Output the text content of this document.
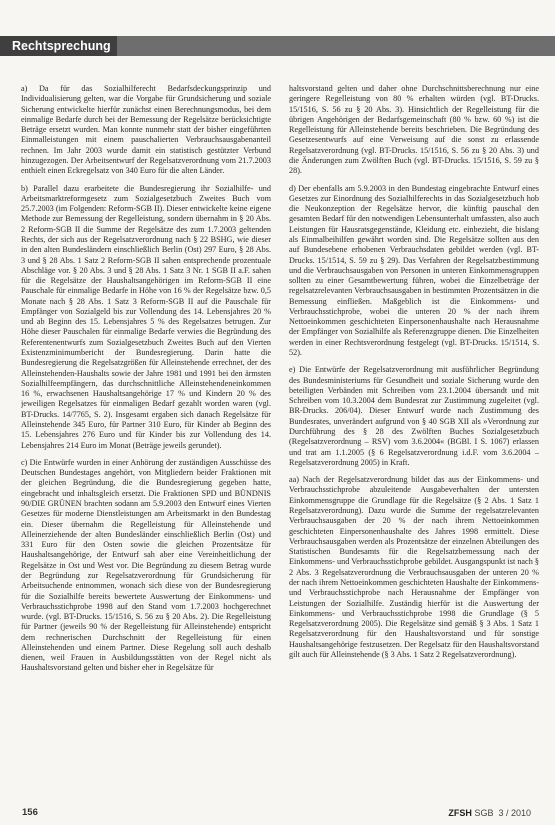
Rechtsprechung

a) Da für das Sozialhilferecht Bedarfsdeckungsprinzip und Individualisierung gelten, war die Vorgabe für Grundsicherung und soziale Sicherung entwickelte hierfür zunächst einen Berechnungsmodus, bei dem einmalige Bedarfe durch bei der Bemessung der Regelsätze berücksichtigte Beträge ersetzt wurden. Man konnte nunmehr statt der bisher eingeführten Einmalleistungen mit einem pauschalierten Verbrauchsausgabenanteil rechnen. Im Jahr 2003 wurde damit ein statistisch gestützter Verbund hinzugezogen. Der Arbeitsentwurf der Regelsatzverordnung vom 21.7.2003 enthielt einen Eckregelsatz von 340 Euro für die alten Länder.

b) Parallel dazu erarbeitete die Bundesregierung ihr Sozialhilfe- und Arbeitsmarktreformgesetz zum Sozialgesetzbuch Zweites Buch vom 25.7.2003 (im Folgenden: Reform-SGB II). Dieser entwickelte keine eigene Methode zur Bemessung der Regelleistung, sondern übernahm in § 20 Abs. 2 Reform-SGB II die Summe der Regelsätze des zum 1.7.2003 geltenden Rechts, der sich aus der Regelsatzverordnung nach § 22 BSHG, wie dieser in den alten Bundesländern einschließlich Berlin (Ost) 297 Euro, § 28 Abs. 3 und § 28 Abs. 1 Satz 2 Reform-SGB II sahen entsprechende prozentuale Abschläge vor. § 20 Abs. 3 und § 28 Abs. 1 Satz 3 Nr. 1 SGB II a.F. sahen für die Regelsätze der Haushaltsangehörigen im Reform-SGB II eine Pauschale für einmalige Bedarfe in Höhe von 16 % der Regelsätze bzw. 0,5 Monate nach § 28 Abs. 1 Satz 3 Reform-SGB II auf die Pauschale für Empfänger von Sozialgeld bis zur Vollendung des 14. Lebensjahres 20 % und ab Beginn des 15. Lebensjahres 5 % des Regelsatzes betrugen. Zur Höhe dieser Pauschalen für einmalige Bedarfe verwies die Begründung des Referentenentwurfs zum Sozialgesetzbuch Zweites Buch auf den Vierten Existenzminimumbericht der Bundesregierung. Darin hatte die Bundesregierung die Regelsatzgrößen für Alleinstehende errechnet, der des Alleinstehenden-Haushalts sowie der Jahre 1981 und 1991 bei den ärmsten Sozialhilfeempfängern, das durchschnittliche Alleinstehendeneinkommen 16 %, erwachsenen Haushaltsangehörige 17 % und Kindern 20 % des jeweiligen Regelsatzes für einmaligen Bedarf gezahlt worden waren (vgl. BT-Drucks. 14/7765, S. 2). Insgesamt ergaben sich danach Regelsätze für Alleinstehende 345 Euro, für Partner 310 Euro, für Kinder ab Beginn des 15. Lebensjahres 276 Euro und für Kinder bis zur Vollendung des 14. Lebensjahres 214 Euro im Monat (Beträge jeweils gerundet).

c) Die Entwürfe wurden in einer Anhörung der zuständigen Ausschüsse des Deutschen Bundestages angehört, von Mitgliedern beider Fraktionen mit der gleichen Begründung, die die Bundesregierung gegeben hatte, eingebracht und inhaltsgleich ersetzt. Die Fraktionen SPD und BÜNDNIS 90/DIE GRÜNEN brachten sodann am 5.9.2003 den Entwurf eines Vierten Gesetzes für moderne Dienstleistungen am Arbeitsmarkt in den Bundestag ein. Dieser übernahm die Regelleistung für Alleinstehende und Alleinerziehende der alten Bundesländer einschließlich Berlin (Ost) und 331 Euro für den Osten sowie die gleichen Prozentsätze für Haushaltsangehörige, der Entwurf sah aber eine Vereinheitlichung der Regelsätze in Ost und West vor. Die Begründung zu diesem Betrag wurde der Begründung zur Regelsatzverordnung für Grundsicherung für Arbeitsuchende entnommen, wonach sich diese von der Bundesregierung für die Sozialhilfe bereits bewertete Auswertung der Einkommens- und Verbrauchsstichprobe 1998 auf den Stand vom 1.7.2003 hochgerechnet wurde. (vgl. BT-Drucks. 15/1516, S. 56 zu § 20 Abs. 2). Die Regelleistung für Partner (jeweils 90 % der Regelleistung für Alleinstehende) entspricht dem rechnerischen Durchschnitt der Regelleistung für einen Alleinstehenden und einem Partner. Diese Regelung soll auch deshalb dienen, weil Frauen in Ausbildungsstätten von der Regel nicht als Haushaltsvorstand gelten und bisher eher in Regelsätze für

haltsvorstand gelten und daher ohne Durchschnittsberechnung nur eine geringere Regelleistung von 80 % erhalten würden (vgl. BT-Drucks. 15/1516, S. 56 zu § 20 Abs. 3). Hinsichtlich der Regelleistung für die übrigen Angehörigen der Bedarfsgemeinschaft (80 % bzw. 60 %) ist die Regelleistung für Alleinstehende bereits beschrieben. Die Begründung des Gesetzesentwurfs auf eine Verweisung auf die sonst zu erlassende Regelsatzverordnung (vgl. BT-Drucks. 15/1516, S. 56 zu § 20 Abs. 3) und die Änderungen zum Zwölften Buch (vgl. BT-Drucks. 15/1516, S. 59 zu § 28).

d) Der ebenfalls am 5.9.2003 in den Bundestag eingebrachte Entwurf eines Gesetzes zur Einordnung des Sozialhilferechts in das Sozialgesetzbuch hob die Neukonzeption der Regelsätze hervor, die künftig pauschal den gesamten Bedarf für den notwendigen Lebensunterhalt umfassten, also auch Leistungen für Hausratsgegenstände, Kleidung etc. einbezieht, die bislang als Einmalbeihilfen gewährt worden sind. Die Regelsätze sollten aus den auf Bundesebene erhobenen Verbrauchsdaten gebildet werden (vgl. BT-Drucks. 15/1514, S. 59 zu § 29). Das Verfahren der Regelsatzbestimmung und die Verbrauchsausgaben von Personen in unteren Einkommensgruppen sollten zu einer Gesamtbewertung führen, wobei die Einzelbeträge der regelsatzrelevanten Verbrauchsausgaben in bestimmten Prozentsätzen in die Bemessung einfließen. Maßgeblich ist die Einkommens- und Verbrauchsstichprobe, wobei die unteren 20 % der nach ihrem Nettoeinkommen geschichteten Einpersonenhaushalte nach Herausnahme der Empfänger von Sozialhilfe als Referenzgruppe dienen. Die Einzelheiten werden in einer Rechtsverordnung festgelegt (vgl. BT-Drucks. 15/1514, S. 52).

e) Die Entwürfe der Regelsatzverordnung mit ausführlicher Begründung des Bundesministeriums für Gesundheit und soziale Sicherung wurde den beteiligten Verbänden mit Schreiben vom 23.1.2004 übersandt und mit Schreiben vom 10.3.2004 dem Bundesrat zur Zustimmung zugeleitet (vgl. BR-Drucks. 206/04). Dieser Entwurf wurde nach Zustimmung des Bundesrates, unverändert aufgrund von § 40 SGB XII als »Verordnung zur Durchführung des § 28 des Zwölften Buches Sozialgesetzbuch (Regelsatzverordnung – RSV) vom 3.6.2004« (BGBl. I S. 1067) erlassen und trat am 1.1.2005 (§ 6 Regelsatzverordnung i.d.F. vom 3.6.2004 – Regelsatzverordnung 2005) in Kraft.

aa) Nach der Regelsatzverordnung bildet das aus der Einkommens- und Verbrauchsstichprobe abzuleitende Ausgabeverhalten der untersten Einkommensgruppe die Grundlage für die Regelsätze (§ 2 Abs. 1 Satz 1 Regelsatzverordnung). Dazu wurde die Summe der regelsatzrelevanten Verbrauchsausgaben der 20 % der nach ihrem Nettoeinkommen geschichteten Einpersonenhaushalte des Jahres 1998 ermittelt. Diese Verbrauchsausgaben werden als Prozentsätze der einzelnen Abteilungen des Statistischen Bundesamts für die Regelsatzbemessung nach der Einkommens- und Verbrauchsstichprobe gebildet. Ausgangspunkt ist nach § 2 Abs. 3 Regelsatzverordnung die Verbrauchsausgaben der unteren 20 % der nach ihrem Nettoeinkommen geschichteten Haushalte der Einkommens- und Verbrauchsstichprobe nach Herausnahme der Empfänger von Leistungen der Sozialhilfe. Zuständig hierfür ist die Auswertung der Einkommens- und Verbrauchsstichprobe 1998 die Grundlage (§ 5 Regelsatzverordnung 2005). Die Regelsätze sind gemäß § 3 Abs. 1 Satz 1 Regelsatzverordnung für den Haushaltsvorstand und für sonstige Haushaltsangehörige festzusetzen. Der Regelsatz für den Haushaltsvorstand gilt auch für Alleinstehende (§ 3 Abs. 1 Satz 2 Regelsatzverordnung).

156	ZFSH SGB 3 / 2010
